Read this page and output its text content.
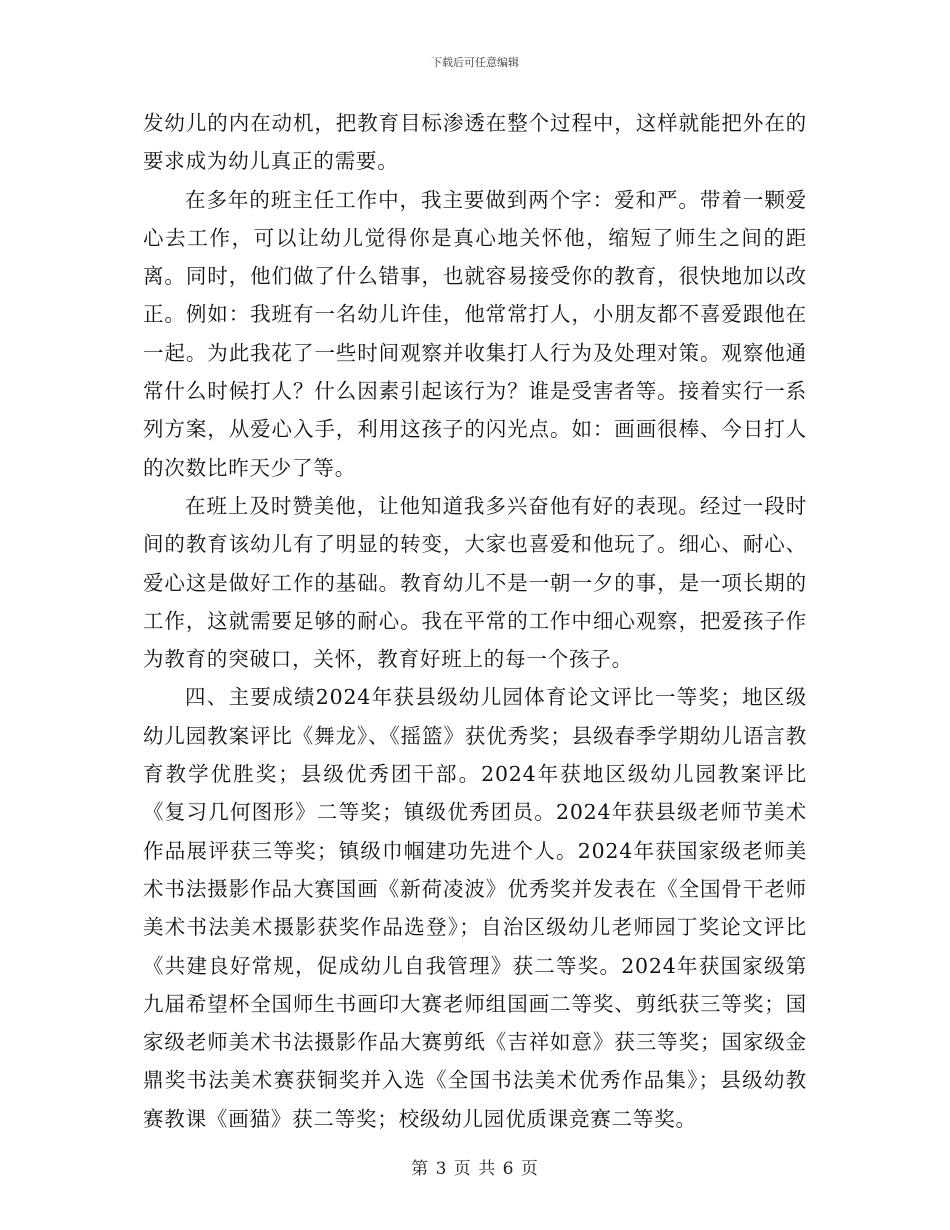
下载后可任意编辑

发幼儿的内在动机，把教育目标渗透在整个过程中，这样就能把外在的要求成为幼儿真正的需要。

在多年的班主任工作中，我主要做到两个字：爱和严。带着一颗爱心去工作，可以让幼儿觉得你是真心地关怀他，缩短了师生之间的距离。同时，他们做了什么错事，也就容易接受你的教育，很快地加以改正。例如：我班有一名幼儿许佳，他常常打人，小朋友都不喜爱跟他在一起。为此我花了一些时间观察并收集打人行为及处理对策。观察他通常什么时候打人？什么因素引起该行为？谁是受害者等。接着实行一系列方案，从爱心入手，利用这孩子的闪光点。如：画画很棒、今日打人的次数比昨天少了等。

在班上及时赞美他，让他知道我多兴奋他有好的表现。经过一段时间的教育该幼儿有了明显的转变，大家也喜爱和他玩了。细心、耐心、爱心这是做好工作的基础。教育幼儿不是一朝一夕的事，是一项长期的工作，这就需要足够的耐心。我在平常的工作中细心观察，把爱孩子作为教育的突破口，关怀，教育好班上的每一个孩子。

四、主要成绩2024年获县级幼儿园体育论文评比一等奖；地区级幼儿园教案评比《舞龙》、《摇篮》获优秀奖；县级春季学期幼儿语言教育教学优胜奖；县级优秀团干部。2024年获地区级幼儿园教案评比《复习几何图形》二等奖；镇级优秀团员。2024年获县级老师节美术作品展评获三等奖；镇级巾帼建功先进个人。2024年获国家级老师美术书法摄影作品大赛国画《新荷凌波》优秀奖并发表在《全国骨干老师美术书法美术摄影获奖作品选登》；自治区级幼儿老师园丁奖论文评比《共建良好常规，促成幼儿自我管理》获二等奖。2024年获国家级第九届希望杯全国师生书画印大赛老师组国画二等奖、剪纸获三等奖；国家级老师美术书法摄影作品大赛剪纸《吉祥如意》获三等奖；国家级金鼎奖书法美术赛获铜奖并入选《全国书法美术优秀作品集》；县级幼教赛教课《画猫》获二等奖；校级幼儿园优质课竞赛二等奖。

第 3 页 共 6 页
